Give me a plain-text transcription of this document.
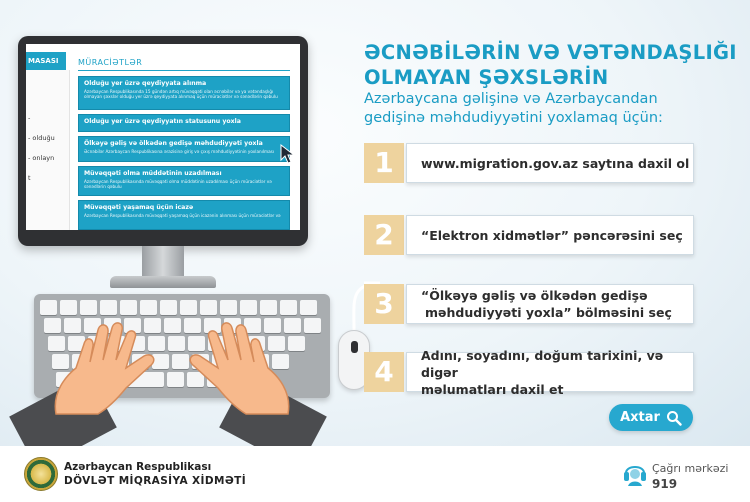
-
- olduğu
- onlayn
t
MASASI	MÜRACİƏTLƏR
Olduğu yer üzrə qeydiyyata alınma
Azərbaycan Respublikasında 15 gündən artıq müvəqqəti olan əcnəbilər və ya vətəndaşlığı olmayan şəxslər olduğu yer üzrə qeydiyyata alınmaq üçün müraciətlər və sənədlərin qəbulu
Olduğu yer üzrə qeydiyyatın statusunu yoxla
Ölkəyə gəliş və ölkədən gedişə məhdudiyyəti yoxla
Əcnəbilər Azərbaycan Respublikasına ərazisinə giriş və çıxış məhdudiyyətinin yoxlanılması
Müvəqqəti olma müddətinin uzadılması
Azərbaycan Respublikasında müvəqqəti olma müddətinin uzadılması üçün müraciətlər və sənədlərin qəbulu
Müvəqqəti yaşamaq üçün icazə
Azərbaycan Respublikasında müvəqqəti yaşamaq üçün icazənin alınması üçün müraciətlər və
ƏCNƏBİLƏRİN VƏ VƏTƏNDAŞLIĞI
OLMAYAN ŞƏXSLƏRİN
Azərbaycana gəlişinə və Azərbaycandan
gedişinə məhdudiyyətini yoxlamaq üçün:
1	www.migration.gov.az saytına daxil ol
2	“Elektron xidmətlər” pəncərəsini seç
3	“Ölkəyə gəliş və ölkədən gedişə
məhdudiyyəti yoxla” bölməsini seç
4	Adını, soyadını, doğum tarixini, və digər
məlumatları daxil et
Axtar
Azərbaycan Respublikası
DÖVLƏT MİQRASİYA XİDMƏTİ
Çağrı mərkəzi
919
